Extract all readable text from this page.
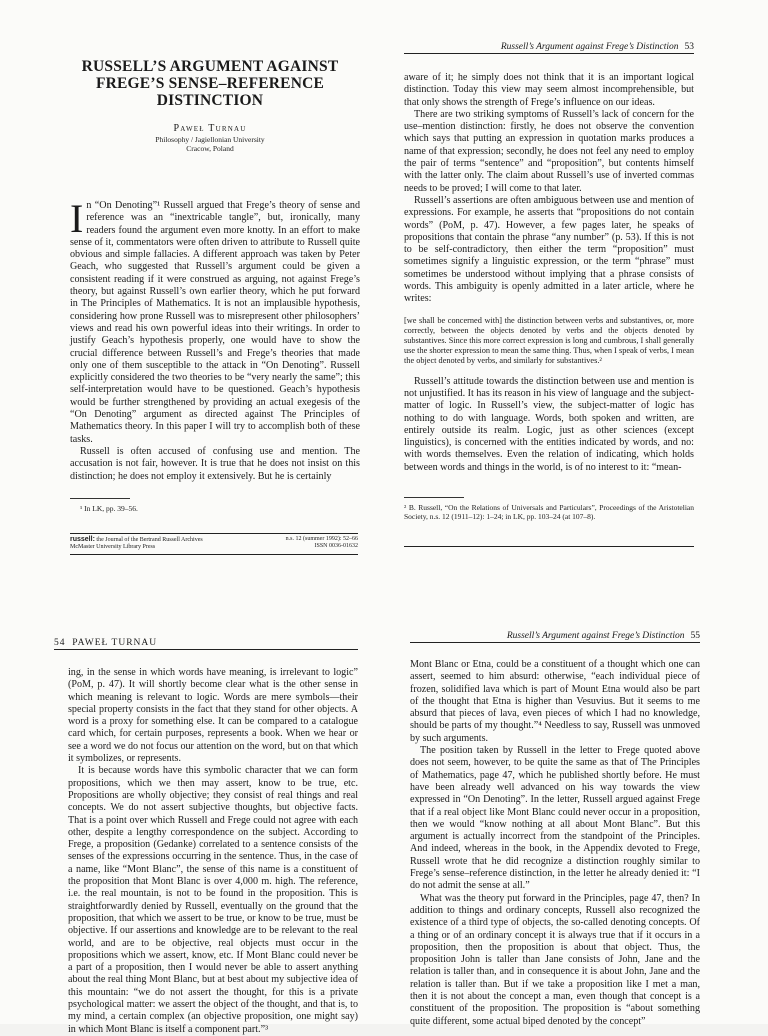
RUSSELL’S ARGUMENT AGAINST
FREGE’S SENSE–REFERENCE
DISTINCTION
Paweł Turnau
Philosophy / Jagiellonian University
Cracow, Poland

In “On Denoting”¹ Russell argued that Frege’s theory of sense and reference was an “inextricable tangle”, but, ironically, many readers found the argument even more knotty. In an effort to make sense of it, commentators were often driven to attribute to Russell quite obvious and simple fallacies. A different approach was taken by Peter Geach, who suggested that Russell’s argument could be given a consistent reading if it were construed as arguing, not against Frege’s theory, but against Russell’s own earlier theory, which he put forward in The Principles of Mathematics. It is not an implausible hypothesis, considering how prone Russell was to misrepresent other philosophers’ views and read his own powerful ideas into their writings. In order to justify Geach’s hypothesis properly, one would have to show the crucial difference between Russell’s and Frege’s theories that made only one of them susceptible to the attack in “On Denoting”. Russell explicitly considered the two theories to be “very nearly the same”; this self-interpretation would have to be questioned. Geach’s hypothesis would be further strengthened by providing an actual exegesis of the “On Denoting” argument as directed against The Principles of Mathematics theory. In this paper I will try to accomplish both of these tasks.

Russell is often accused of confusing use and mention. The accusation is not fair, however. It is true that he does not insist on this distinction; he does not employ it extensively. But he is certainly

¹ In LK, pp. 39–56.
russell: the Journal of the Bertrand Russell Archives
McMaster University Library Press
n.s. 12 (summer 1992): 52–66
ISSN 0036-01632
Russell’s Argument against Frege’s Distinction 53

aware of it; he simply does not think that it is an important logical distinction. Today this view may seem almost incomprehensible, but that only shows the strength of Frege’s influence on our ideas.

There are two striking symptoms of Russell’s lack of concern for the use–mention distinction: firstly, he does not observe the convention which says that putting an expression in quotation marks produces a name of that expression; secondly, he does not feel any need to employ the pair of terms “sentence” and “proposition”, but contents himself with the latter only. The claim about Russell’s use of inverted commas needs to be proved; I will come to that later.

Russell’s assertions are often ambiguous between use and mention of expressions. For example, he asserts that “propositions do not contain words” (PoM, p. 47). However, a few pages later, he speaks of propositions that contain the phrase “any number” (p. 53). If this is not to be self-contradictory, then either the term “proposition” must sometimes signify a linguistic expression, or the term “phrase” must sometimes be understood without implying that a phrase consists of words. This ambiguity is openly admitted in a later article, where he writes:

[we shall be concerned with] the distinction between verbs and substantives, or, more correctly, between the objects denoted by verbs and the objects denoted by substantives. Since this more correct expression is long and cumbrous, I shall generally use the shorter expression to mean the same thing. Thus, when I speak of verbs, I mean the object denoted by verbs, and similarly for substantives.²

Russell’s attitude towards the distinction between use and mention is not unjustified. It has its reason in his view of language and the subject-matter of logic. In Russell’s view, the subject-matter of logic has nothing to do with language. Words, both spoken and written, are entirely outside its realm. Logic, just as other sciences (except linguistics), is concerned with the entities indicated by words, and no: with words themselves. Even the relation of indicating, which holds between words and things in the world, is of no interest to it: “mean-

² B. Russell, “On the Relations of Universals and Particulars”, Proceedings of the Aristotelian Society, n.s. 12 (1911–12): 1–24; in LK, pp. 103–24 (at 107–8).
54 PAWEŁ TURNAU

ing, in the sense in which words have meaning, is irrelevant to logic” (PoM, p. 47). It will shortly become clear what is the other sense in which meaning is relevant to logic. Words are mere symbols—their special property consists in the fact that they stand for other objects. A word is a proxy for something else. It can be compared to a catalogue card which, for certain purposes, represents a book. When we hear or see a word we do not focus our attention on the word, but on that which it symbolizes, or represents.

It is because words have this symbolic character that we can form propositions, which we then may assert, know to be true, etc. Propositions are wholly objective; they consist of real things and real concepts. We do not assert subjective thoughts, but objective facts. That is a point over which Russell and Frege could not agree with each other, despite a lengthy correspondence on the subject. According to Frege, a proposition (Gedanke) correlated to a sentence consists of the senses of the expressions occurring in the sentence. Thus, in the case of a name, like “Mont Blanc”, the sense of this name is a constituent of the proposition that Mont Blanc is over 4,000 m. high. The reference, i.e. the real mountain, is not to be found in the proposition. This is straightforwardly denied by Russell, eventually on the ground that the proposition, that which we assert to be true, or know to be true, must be objective. If our assertions and knowledge are to be relevant to the real world, and are to be objective, real objects must occur in the propositions which we assert, know, etc. If Mont Blanc could never be a part of a proposition, then I would never be able to assert anything about the real thing Mont Blanc, but at best about my subjective idea of this mountain: “we do not assert the thought, for this is a private psychological matter: we assert the object of the thought, and that is, to my mind, a certain complex (an objective proposition, one might say) in which Mont Blanc is itself a component part.”³

Russell’s Argument against Frege’s Distinction 55

Mont Blanc or Etna, could be a constituent of a thought which one can assert, seemed to him absurd: otherwise, “each individual piece of frozen, solidified lava which is part of Mount Etna would also be part of the thought that Etna is higher than Vesuvius. But it seems to me absurd that pieces of lava, even pieces of which I had no knowledge, should be parts of my thought.”⁴ Needless to say, Russell was unmoved by such arguments.

The position taken by Russell in the letter to Frege quoted above does not seem, however, to be quite the same as that of The Principles of Mathematics, page 47, which he published shortly before. He must have been already well advanced on his way towards the view expressed in “On Denoting”. In the letter, Russell argued against Frege that if a real object like Mont Blanc could never occur in a proposition, then we would “know nothing at all about Mont Blanc”. But this argument is actually incorrect from the standpoint of the Principles. And indeed, whereas in the book, in the Appendix devoted to Frege, Russell wrote that he did recognize a distinction roughly similar to Frege’s sense–reference distinction, in the letter he already denied it: “I do not admit the sense at all.”

What was the theory put forward in the Principles, page 47, then? In addition to things and ordinary concepts, Russell also recognized the existence of a third type of objects, the so-called denoting concepts. Of a thing or of an ordinary concept it is always true that if it occurs in a proposition, then the proposition is about that object. Thus, the proposition John is taller than Jane consists of John, Jane and the relation is taller than, and in consequence it is about John, Jane and the relation is taller than. But if we take a proposition like I met a man, then it is not about the concept a man, even though that concept is a constituent of the proposition. The proposition is “about something quite different, some actual biped denoted by the concept”
